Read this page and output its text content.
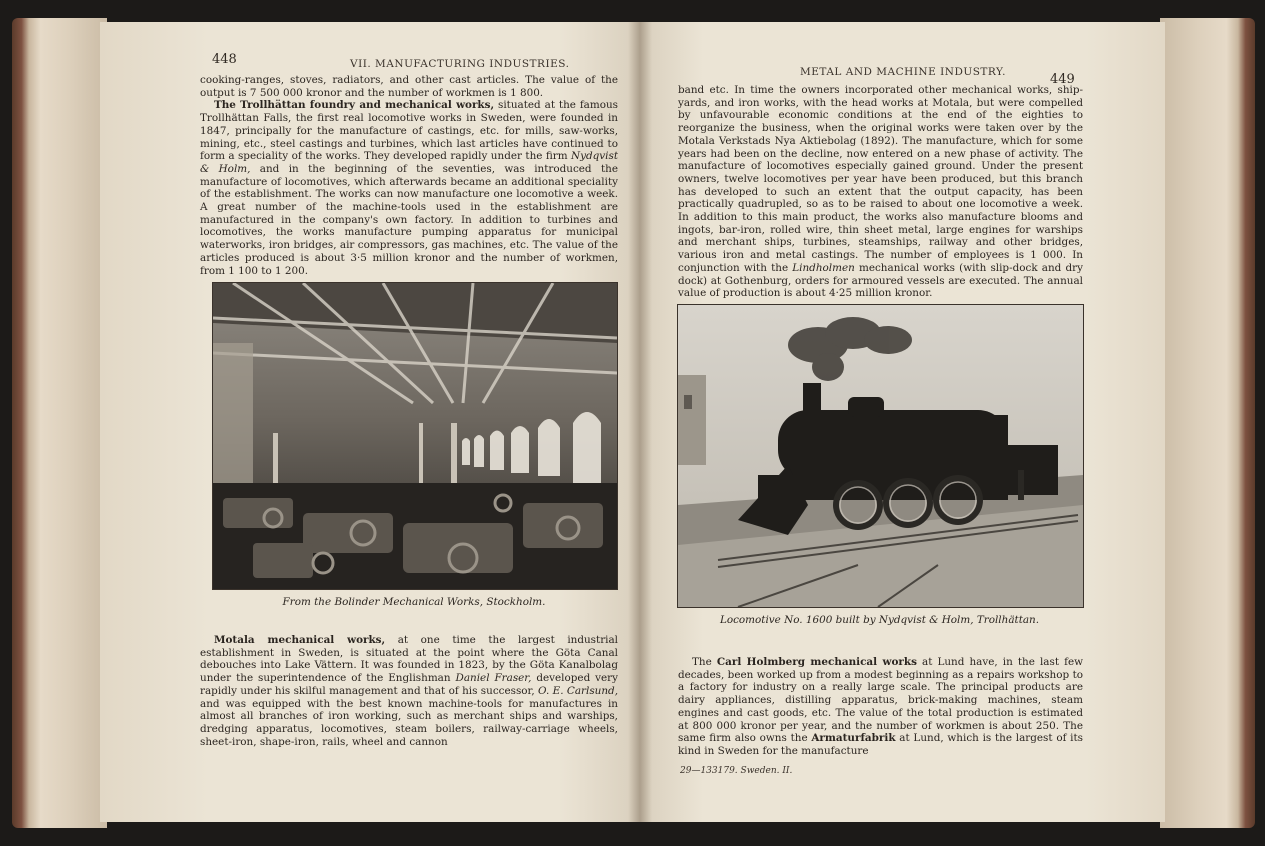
448	VII. MANUFACTURING INDUSTRIES.

cooking-ranges, stoves, radiators, and other cast articles. The value of the output is 7 500 000 kronor and the number of workmen is 1 800.

The Trollhättan foundry and mechanical works, situated at the famous Trollhättan Falls, the first real locomotive works in Sweden, were founded in 1847, principally for the manufacture of castings, etc. for mills, saw-works, mining, etc., steel castings and turbines, which last articles have continued to form a speciality of the works. They developed rapidly under the firm Nydqvist & Holm, and in the beginning of the seventies, was introduced the manufacture of locomotives, which afterwards became an additional speciality of the establishment. The works can now manufacture one locomotive a week. A great number of the machine-tools used in the establishment are manufactured in the company's own factory. In addition to turbines and locomotives, the works manufacture pumping apparatus for municipal waterworks, iron bridges, air compressors, gas machines, etc. The value of the articles produced is about 3·5 million kronor and the number of workmen, from 1 100 to 1 200.

From the Bolinder Mechanical Works, Stockholm.

Motala mechanical works, at one time the largest industrial establishment in Sweden, is situated at the point where the Göta Canal debouches into Lake Vättern. It was founded in 1823, by the Göta Kanalbolag under the superintendence of the Englishman Daniel Fraser, developed very rapidly under his skilful management and that of his successor, O. E. Carlsund, and was equipped with the best known machine-tools for manufactures in almost all branches of iron working, such as merchant ships and warships, dredging apparatus, locomotives, steam boilers, railway-carriage wheels, sheet-iron, shape-iron, rails, wheel and cannon

METAL AND MACHINE INDUSTRY.	449

band etc. In time the owners incorporated other mechanical works, ship-yards, and iron works, with the head works at Motala, but were compelled by unfavourable economic conditions at the end of the eighties to reorganize the business, when the original works were taken over by the Motala Verkstads Nya Aktiebolag (1892). The manufacture, which for some years had been on the decline, now entered on a new phase of activity. The manufacture of locomotives especially gained ground. Under the present owners, twelve locomotives per year have been produced, but this branch has developed to such an extent that the output capacity, has been practically quadrupled, so as to be raised to about one locomotive a week. In addition to this main product, the works also manufacture blooms and ingots, bar-iron, rolled wire, thin sheet metal, large engines for warships and merchant ships, turbines, steamships, railway and other bridges, various iron and metal castings. The number of employees is 1 000. In conjunction with the Lindholmen mechanical works (with slip-dock and dry dock) at Gothenburg, orders for armoured vessels are executed. The annual value of production is about 4·25 million kronor.

Locomotive No. 1600 built by Nydqvist & Holm, Trollhättan.

The Carl Holmberg mechanical works at Lund have, in the last few decades, been worked up from a modest beginning as a repairs workshop to a factory for industry on a really large scale. The principal products are dairy appliances, distilling apparatus, brick-making machines, steam engines and cast goods, etc. The value of the total production is estimated at 800 000 kronor per year, and the number of workmen is about 250. The same firm also owns the Armaturfabrik at Lund, which is the largest of its kind in Sweden for the manufacture

29—133179. Sweden. II.
